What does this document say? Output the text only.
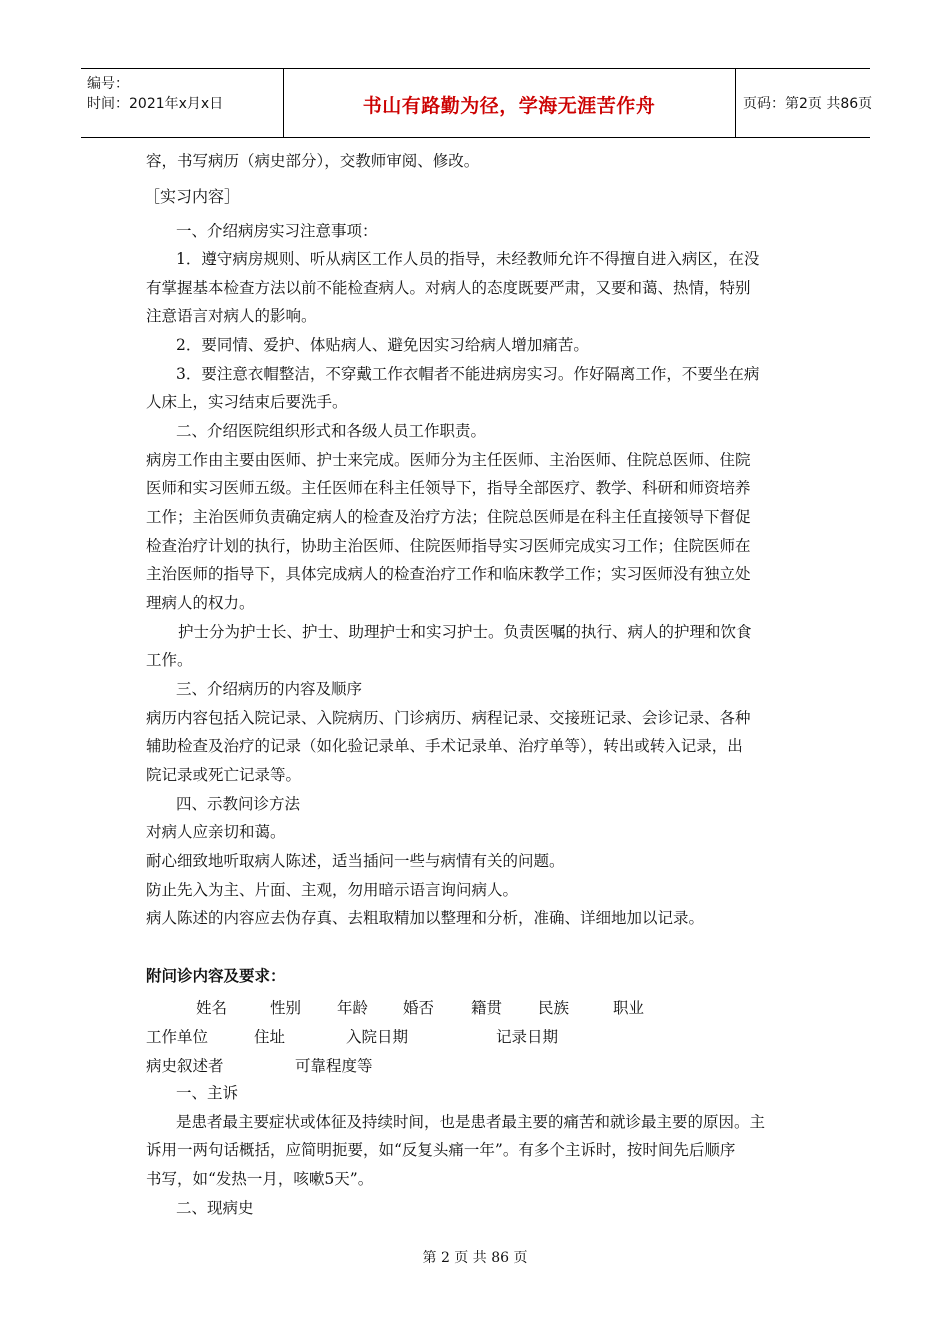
编号：
时间：2021年x月x日	书山有路勤为径，学海无涯苦作舟	页码：第2页 共86页
容，书写病历（病史部分），交教师审阅、修改。
［实习内容］
一、介绍病房实习注意事项：
1．遵守病房规则、听从病区工作人员的指导，未经教师允许不得擅自进入病区，在没
有掌握基本检查方法以前不能检查病人。对病人的态度既要严肃，又要和蔼、热情，特别
注意语言对病人的影响。
2．要同情、爱护、体贴病人、避免因实习给病人增加痛苦。
3．要注意衣帽整洁，不穿戴工作衣帽者不能进病房实习。作好隔离工作，不要坐在病
人床上，实习结束后要洗手。
二、介绍医院组织形式和各级人员工作职责。
病房工作由主要由医师、护士来完成。医师分为主任医师、主治医师、住院总医师、住院
医师和实习医师五级。主任医师在科主任领导下，指导全部医疗、教学、科研和师资培养
工作；主治医师负责确定病人的检查及治疗方法；住院总医师是在科主任直接领导下督促
检查治疗计划的执行，协助主治医师、住院医师指导实习医师完成实习工作；住院医师在
主治医师的指导下，具体完成病人的检查治疗工作和临床教学工作；实习医师没有独立处
理病人的权力。
护士分为护士长、护士、助理护士和实习护士。负责医嘱的执行、病人的护理和饮食
工作。
三、介绍病历的内容及顺序
病历内容包括入院记录、入院病历、门诊病历、病程记录、交接班记录、会诊记录、各种
辅助检查及治疗的记录（如化验记录单、手术记录单、治疗单等），转出或转入记录，出
院记录或死亡记录等。
四、示教问诊方法
对病人应亲切和蔼。
耐心细致地听取病人陈述，适当插问一些与病情有关的问题。
防止先入为主、片面、主观，勿用暗示语言询问病人。
病人陈述的内容应去伪存真、去粗取精加以整理和分析，准确、详细地加以记录。
附问诊内容及要求：
姓名	性别 年龄 婚否 籍贯 民族	职业
工作单位	住址	入院日期	记录日期
病史叙述者	可靠程度等
一、主诉
是患者最主要症状或体征及持续时间，也是患者最主要的痛苦和就诊最主要的原因。主
诉用一两句话概括，应简明扼要，如“反复头痛一年”。有多个主诉时，按时间先后顺序
书写，如“发热一月，咳嗽5天”。
二、现病史
第 2 页 共 86 页
